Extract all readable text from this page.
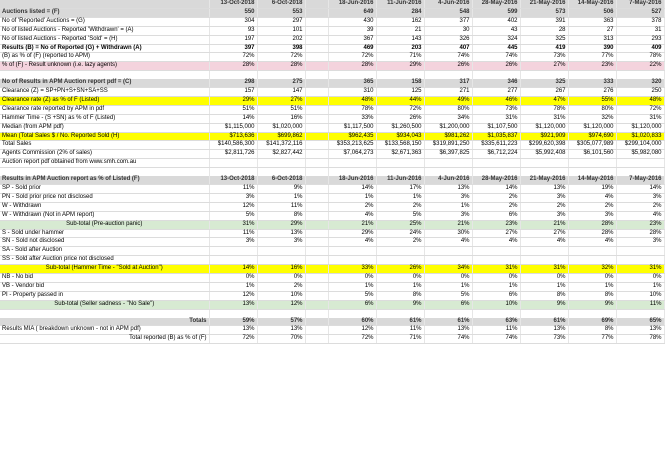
	13-Oct-2018	6-Oct-2018		18-Jun-2016	11-Jun-2016	4-Jun-2016	28-May-2016	21-May-2016	14-May-2016	7-May-2016
Auctions listed = (F)	550	553		649	284	548	599	573	506	527
No of 'Reported' Auctions = (G)	304	297		430	162	377	402	391	363	378
No of listed Auctions - Reported 'Withdrawn' = (A)	93	101		39	21	30	43	28	27	31
No of listed Auctions - Reported 'Sold' = (H)	197	202		367	143	326	324	325	313	293
Results (B) = No of Reported (G) + Withdrawn (A)	397	398		469	203	407	445	419	390	409
(B) as % of (F) (reported to APM)	72%	72%		72%	71%	74%	74%	73%	77%	78%
% of (F) - Result unknown (i.e. lazy agents)	28%	28%		28%	29%	26%	26%	27%	23%	22%

No of Results in APM Auction report pdf = (C)	298	275		365	158	317	346	325	333	320
Clearance (Z) = SP+PN+S+SN+SA+SS	157	147		310	125	271	277	267	276	250
Clearance rate (Z) as % of F (Listed)	29%	27%		48%	44%	49%	46%	47%	55%	48%
Clearance rate reported by APM in pdf	51%	51%		78%	72%	80%	73%	78%	80%	72%
Hammer Time - (S +SN) as % of F (Listed)	14%	16%		33%	26%	34%	31%	31%	32%	31%
Median (from APM pdf)	$1,115,000	$1,020,000		$1,117,500	$1,260,500	$1,200,000	$1,107,500	$1,120,000	$1,120,000	$1,120,000
Mean (Total Sales $ / No. Reported Sold (H)	$713,636	$699,862		$962,435	$934,043	$981,262	$1,035,837	$921,909	$974,690	$1,020,833
Total Sales	$140,586,300	$141,372,116		$353,213,625	$133,568,150	$319,891,250	$335,611,223	$299,620,398	$305,077,989	$299,104,000
Agents Commission (2% of sales)	$2,811,726	$2,827,442		$7,064,273	$2,671,363	$6,397,825	$6,712,224	$5,992,408	$6,101,560	$5,982,080
Auction report pdf obtained from www.smh.com.au										

Results in APM Auction report as % of Listed (F)	13-Oct-2018	6-Oct-2018		18-Jun-2016	11-Jun-2016	4-Jun-2016	28-May-2016	21-May-2016	14-May-2016	7-May-2016
SP - Sold prior	11%	9%		14%	17%	13%	14%	13%	19%	14%
PN - Sold prior price not disclosed	3%	1%		1%	1%	3%	2%	3%	4%	3%
W - Withdrawn	12%	11%		2%	2%	1%	2%	2%	2%	2%
W - Withdrawn (Not in APM report)	5%	8%		4%	5%	3%	6%	3%	3%	4%
Sub-total (Pre-auction panic)	31%	29%		21%	25%	21%	23%	21%	28%	23%
S - Sold under hammer	11%	13%		29%	24%	30%	27%	27%	28%	28%
SN - Sold not disclosed	3%	3%		4%	2%	4%	4%	4%	4%	3%
SA - Sold after Auction										
SS - Sold after Auction price not disclosed										
Sub-total (Hammer Time - "Sold at Auction")	14%	16%		33%	26%	34%	31%	31%	32%	31%
NB - No bid	0%	0%		0%	0%	0%	0%	0%	0%	0%
VB - Vendor bid	1%	2%		1%	1%	1%	1%	1%	1%	1%
PI - Property passed in	12%	10%		5%	8%	5%	6%	8%	8%	10%
Sub-total (Seller sadness - "No Sale")	13%	12%		6%	9%	6%	10%	9%	9%	11%

Totals	59%	57%		60%	61%	61%	63%	61%	69%	65%
Results MIA ( breakdown unknown - not in APM pdf)	13%	13%		12%	11%	13%	11%	13%	8%	13%
Total reported (B) as % of (F)	72%	70%		72%	71%	74%	74%	73%	77%	78%
